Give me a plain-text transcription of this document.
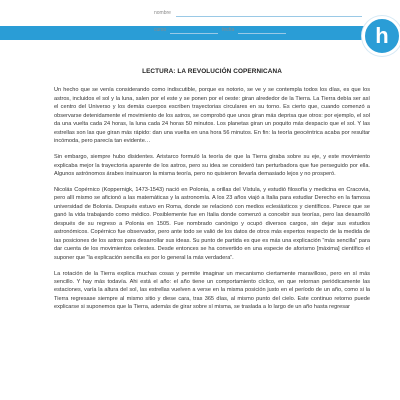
historia • 8º básico
nombre
curso	fecha	h
LECTURA: LA REVOLUCIÓN COPERNICANA

Un hecho que se venía considerando como indiscutible, porque es notorio, se ve y se contempla todos los días, es que los astros, incluidos el sol y la luna, salen por el este y se ponen por el oeste: giran alrededor de la Tierra. La Tierra debía ser así el centro del Universo y los demás cuerpos escriben trayectorias circulares en su torno. Es cierto que, cuando comenzó a observarse detenidamente el movimiento de los astros, se comprobó que unos giran más deprisa que otros: por ejemplo, el sol da una vuelta cada 24 horas, la luna cada 24 horas 50 minutos. Los planetas giran un poquito más despacio que el sol. Y las estrellas son las que giran más rápido: dan una vuelta en una hora 56 minutos. En fin: la teoría geocéntrica acaba por resultar incómoda, pero parecía tan evidente…

Sin embargo, siempre hubo disidentes. Aristarco formuló la teoría de que la Tierra giraba sobre su eje, y este movimiento explicaba mejor la trayectoria aparente de los astros, pero su idea se consideró tan perturbadora que fue perseguido por ella. Algunos astrónomos árabes insinuaron la misma teoría, pero no quisieron llevarla demasiado lejos y no prosperó.

Nicolás Copérnico (Koppernigk, 1473-1543) nació en Polonia, a orillas del Vístula, y estudió filosofía y medicina en Cracovia, pero allí mismo se aficionó a las matemáticas y la astronomía. A los 23 años viajó a Italia para estudiar Derecho en la famosa universidad de Bolonia. Después estuvo en Roma, donde se relacionó con medios eclesiásticos y científicos. Parece que se ganó la vida trabajando como médico. Posiblemente fue en Italia donde comenzó a concebir sus teorías, pero las desarrolló después de su regreso a Polonia en 1505. Fue nombrado canónigo y ocupó diversos cargos, sin dejar sus estudios astronómicos. Copérnico fue observador, pero ante todo se valió de los datos de otros más expertos respecto de la medida de las posiciones de los astros para desarrollar sus ideas. Su punto de partida es que es más una explicación “más sencilla” para dar cuenta de los movimientos celestes. Desde entonces se ha convertido en una especie de aforismo [máxima] científico el suponer que “la explicación sencilla es por lo general la más verdadera”.

La rotación de la Tierra explica muchas cosas y permite imaginar un mecanismo ciertamente maravilloso, pero en sí más sencillo. Y hay más todavía. Ahi está el año: el año tiene un comportamiento cíclico, en que retornan periódicamente las estaciones, varía la altura del sol, las estrellas vuelven a verse en la misma posición justo en el período de un año, como si la Tierra regresase siempre al mismo sitio y diese cara, tras 365 días, al mismo punto del cielo. Este continuo retorno puede explicarse si suponemos que la Tierra, además de girar sobre sí misma, se traslada a lo largo de un año hasta regresar
